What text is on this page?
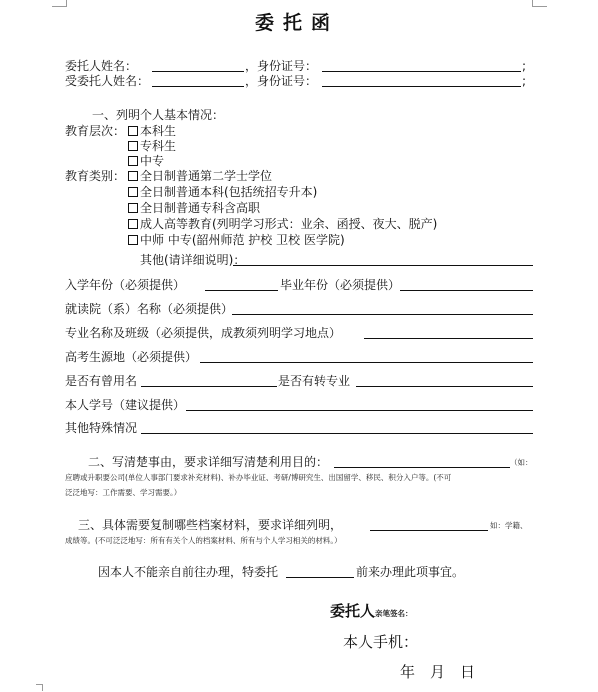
委托函
委托人姓名：	，身份证号：	;
受委托人姓名：	，身份证号：	;
一、列明个人基本情况：
教育层次：	本科生
专科生
中专
教育类别：	全日制普通第二学士学位
全日制普通本科(包括统招专升本)
全日制普通专科含高职
成人高等教育(列明学习形式：业余、函授、夜大、脱产)
中师 中专(韶州师范 护校 卫校 医学院)
其他(请详细说明)：
入学年份（必须提供）	毕业年份（必须提供）
就读院（系）名称（必须提供）
专业名称及班级（必须提供，成教须列明学习地点）
高考生源地（必须提供）
是否有曾用名	是否有转专业
本人学号（建议提供）
其他特殊情况
二、写清楚事由，要求详细写清楚利用目的：	（如：
应聘或升职要公司(单位人事部门要求补充材料)、补办毕业证、考研/博研究生、出国留学、移民、积分入户等。(不可
泛泛地写：工作需要、学习需要。）
三、具体需要复制哪些档案材料，要求详细列明，	如：学籍、
成绩等。(不可泛泛地写：所有有关个人的档案材料、所有与个人学习相关的材料。）
因本人不能亲自前往办理，特委托	前来办理此项事宜。
委托人亲笔签名：
本人手机：
年　月　日
